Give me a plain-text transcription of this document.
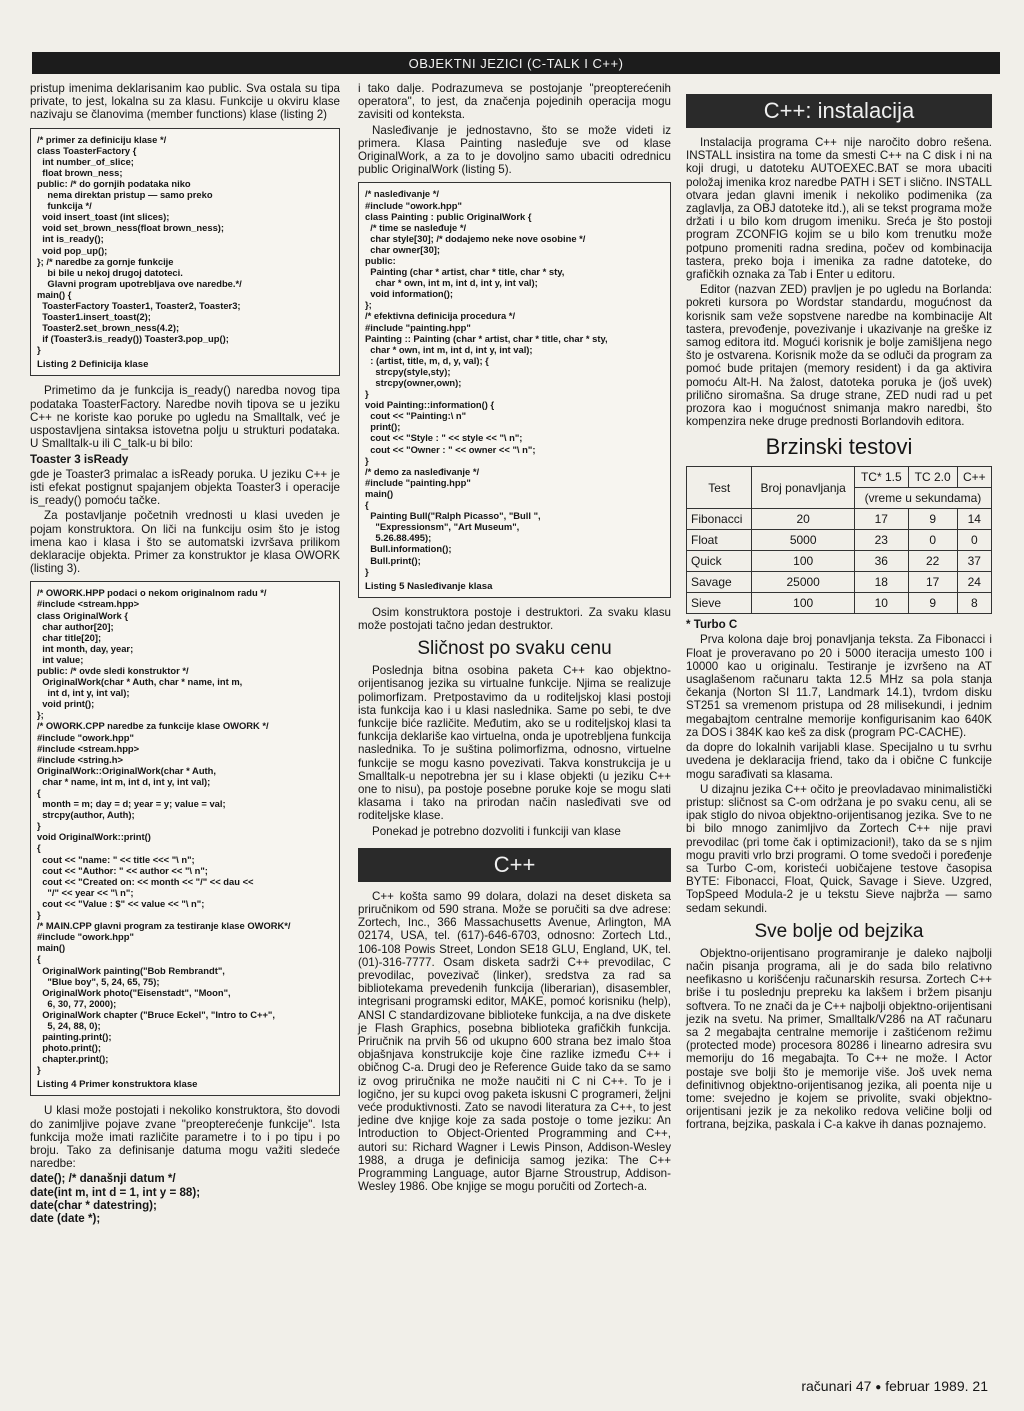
OBJEKTNI JEZICI (C-TALK I C++)

pristup imenima deklarisanim kao public. Sva ostala su tipa private, to jest, lokalna su za klasu. Funkcije u okviru klase nazivaju se članovima (member functions) klase (listing 2)

/* primer za definiciju klase */
class ToasterFactory {
int number_of_slice;
float brown_ness;
public: /* do gornjih podataka niko
nema direktan pristup — samo preko
funkcija */
void insert_toast (int slices);
void set_brown_ness(float brown_ness);
int is_ready();
void pop_up();
}; /* naredbe za gornje funkcije
bi bile u nekoj drugoj datoteci.
Glavni program upotrebljava ove naredbe.*/
main() {
ToasterFactory Toaster1, Toaster2, Toaster3;
Toaster1.insert_toast(2);
Toaster2.set_brown_ness(4.2);
if (Toaster3.is_ready()) Toaster3.pop_up();
}
Listing 2 Definicija klase

Primetimo da je funkcija is_ready() naredba novog tipa podataka ToasterFactory. Naredbe novih tipova se u jeziku C++ ne koriste kao poruke po ugledu na Smalltalk, već je uspostavljena sintaksa istovetna polju u strukturi podataka. U Smalltalk-u ili C_talk-u bi bilo:

Toaster 3 isReady

gde je Toaster3 primalac a isReady poruka. U jeziku C++ je isti efekat postignut spajanjem objekta Toaster3 i operacije is_ready() pomoću tačke.

Za postavljanje početnih vrednosti u klasi uveden je pojam konstruktora. On liči na funkciju osim što je istog imena kao i klasa i što se automatski izvršava prilikom deklaracije objekta. Primer za konstruktor je klasa OWORK (listing 3).

/* OWORK.HPP podaci o nekom originalnom radu */
#include <stream.hpp>
class OriginalWork {
char author[20];
char title[20];
int month, day, year;
int value;
public: /* ovde sledi konstruktor */
OriginalWork(char * Auth, char * name, int m,
int d, int y, int val);
void print();
};
/* OWORK.CPP naredbe za funkcije klase OWORK */
#include "owork.hpp"
#include <stream.hpp>
#include <string.h>
OriginalWork::OriginalWork(char * Auth,
char * name, int m, int d, int y, int val);
{
month = m; day = d; year = y; value = val;
strcpy(author, Auth);
}
void OriginalWork::print()
{
cout << "name: " << title <<< "\ n";
cout << "Author: " << author << "\ n";
cout << "Created on: << month << "/" << dau <<
"/" << year << "\ n";
cout << "Value : $" << value << "\ n";
}
/* MAIN.CPP glavni program za testiranje klase OWORK*/
#include "owork.hpp"
main()
{
OriginalWork painting("Bob Rembrandt",
"Blue boy", 5, 24, 65, 75);
OriginalWork photo("Eisenstadt", "Moon",
6, 30, 77, 2000);
OriginalWork chapter ("Bruce Eckel", "Intro to C++",
5, 24, 88, 0);
painting.print();
photo.print();
chapter.print();
}
Listing 4 Primer konstruktora klase

U klasi može postojati i nekoliko konstruktora, što dovodi do zanimljive pojave zvane "preopterećenje funkcije". Ista funkcija može imati različite parametre i to i po tipu i po broju. Tako za definisanje datuma mogu važiti sledeće naredbe:

date(); /* današnji datum */
date(int m, int d = 1, int y = 88);
date(char * datestring);
date (date *);

i tako dalje. Podrazumeva se postojanje "preopterećenih operatora", to jest, da značenja pojedinih operacija mogu zavisiti od konteksta.

Nasleđivanje je jednostavno, što se može videti iz primera. Klasa Painting nasleđuje sve od klase OriginalWork, a za to je dovoljno samo ubaciti odrednicu public OriginalWork (listing 5).

/* nasleđivanje */
#include "owork.hpp"
class Painting : public OriginalWork {
/* time se nasleđuje */
char style[30]; /* dodajemo neke nove osobine */
char owner[30];
public:
Painting (char * artist, char * title, char * sty,
char * own, int m, int d, int y, int val);
void information();
};
/* efektivna definicija procedura */
#include "painting.hpp"
Painting :: Painting (char * artist, char * title, char * sty,
char * own, int m, int d, int y, int val);
: (artist, title, m, d, y, val); {
strcpy(style,sty);
strcpy(owner,own);
}
void Painting::information() {
cout << "Painting:\ n"
print();
cout << "Style : " << style << "\ n";
cout << "Owner : " << owner << "\ n";
}
/* demo za nasleđivanje */
#include "painting.hpp"
main()
{
Painting Bull("Ralph Picasso", "Bull ",
"Expressionsm", "Art Museum",
5.26.88.495);
Bull.information();
Bull.print();
}
Listing 5 Nasleđivanje klasa

Osim konstruktora postoje i destruktori. Za svaku klasu može postojati tačno jedan destruktor.

Sličnost po svaku cenu

Poslednja bitna osobina paketa C++ kao objektno-orijentisanog jezika su virtualne funkcije. Njima se realizuje polimorfizam. Pretpostavimo da u roditeljskoj klasi postoji ista funkcija kao i u klasi naslednika. Same po sebi, te dve funkcije biće različite. Međutim, ako se u roditeljskoj klasi ta funkcija deklariše kao virtuelna, onda je upotrebljena funkcija naslednika. To je suština polimorfizma, odnosno, virtuelne funkcije se mogu kasno povezivati. Takva konstrukcija je u Smalltalk-u nepotrebna jer su i klase objekti (u jeziku C++ one to nisu), pa postoje posebne poruke koje se mogu slati klasama i tako na prirodan način nasleđivati sve od roditeljske klase.

Ponekad je potrebno dozvoliti i funkciji van klase

C++

C++ košta samo 99 dolara, dolazi na deset disketa sa priručnikom od 590 strana. Može se poručiti sa dve adrese: Zortech, Inc., 366 Massachusetts Avenue, Arlington, MA 02174, USA, tel. (617)-646-6703, odnosno: Zortech Ltd., 106-108 Powis Street, London SE18 GLU, England, UK, tel. (01)-316-7777. Osam disketa sadrži C++ prevodilac, C prevodilac, povezivač (linker), sredstva za rad sa bibliotekama prevedenih funkcija (liberarian), disasembler, integrisani programski editor, MAKE, pomoć korisniku (help), ANSI C standardizovane biblioteke funkcija, a na dve diskete je Flash Graphics, posebna biblioteka grafičkih funkcija. Priručnik na prvih 56 od ukupno 600 strana bez imalo štoa objašnjava konstrukcije koje čine razlike između C++ i običnog C-a. Drugi deo je Reference Guide tako da se samo iz ovog priručnika ne može naučiti ni C ni C++. To je i logično, jer su kupci ovog paketa iskusni C programeri, željni veće produktivnosti. Zato se navodi literatura za C++, to jest jedine dve knjige koje za sada postoje o tome jeziku: An Introduction to Object-Oriented Programming and C++, autori su: Richard Wagner i Lewis Pinson, Addison-Wesley 1988, a druga je definicija samog jezika: The C++ Programming Language, autor Bjarne Stroustrup, Addison-Wesley 1986. Obe knjige se mogu poručiti od Zortech-a.

C++: instalacija

Instalacija programa C++ nije naročito dobro rešena. INSTALL insistira na tome da smesti C++ na C disk i ni na koji drugi, u datoteku AUTOEXEC.BAT se mora ubaciti položaj imenika kroz naredbe PATH i SET i slično. INSTALL otvara jedan glavni imenik i nekoliko podimenika (za zaglavlja, za OBJ datoteke itd.), ali se tekst programa može držati i u bilo kom drugom imeniku. Sreća je što postoji program ZCONFIG kojim se u bilo kom trenutku može potpuno promeniti radna sredina, počev od kombinacija tastera, preko boja i imenika za radne datoteke, do grafičkih oznaka za Tab i Enter u editoru.

Editor (nazvan ZED) pravljen je po ugledu na Borlanda: pokreti kursora po Wordstar standardu, mogućnost da korisnik sam veže sopstvene naredbe na kombinacije Alt tastera, prevođenje, povezivanje i ukazivanje na greške iz samog editora itd. Mogući korisnik je bolje zamišljena nego što je ostvarena. Korisnik može da se odluči da program za pomoć bude pritajen (memory resident) i da ga aktivira pomoću Alt-H. Na žalost, datoteka poruka je (još uvek) prilično siromašna. Sa druge strane, ZED nudi rad u pet prozora kao i mogućnost snimanja makro naredbi, što kompenzira neke druge prednosti Borlandovih editora.

Brzinski testovi
Test	Broj ponavljanja	TC* 1.5	TC 2.0	C++
		(vreme u sekundama)		
Fibonacci	20	17	9	14
Float	5000	23	0	0
Quick	100	36	22	37
Savage	25000	18	17	24
Sieve	100	10	9	8
* Turbo C

Prva kolona daje broj ponavljanja teksta. Za Fibonacci i Float je proveravano po 20 i 5000 iteracija umesto 100 i 10000 kao u originalu. Testiranje je izvršeno na AT usaglašenom računaru takta 12.5 MHz sa pola stanja čekanja (Norton SI 11.7, Landmark 14.1), tvrdom disku ST251 sa vremenom pristupa od 28 milisekundi, i jednim megabajtom centralne memorije konfigurisanim kao 640K za DOS i 384K kao keš za disk (program PC-CACHE).

da dopre do lokalnih varijabli klase. Specijalno u tu svrhu uvedena je deklaracija friend, tako da i obične C funkcije mogu sarađivati sa klasama.

U dizajnu jezika C++ očito je preovladavao minimalistički pristup: sličnost sa C-om održana je po svaku cenu, ali se ipak stiglo do nivoa objektno-orijentisanog jezika. Sve to ne bi bilo mnogo zanimljivo da Zortech C++ nije pravi prevodilac (pri tome čak i optimizacioni!), tako da se s njim mogu praviti vrlo brzi programi. O tome svedoči i poređenje sa Turbo C-om, koristeći uobičajene testove časopisa BYTE: Fibonacci, Float, Quick, Savage i Sieve. Uzgred, TopSpeed Modula-2 je u tekstu Sieve najbrža — samo sedam sekundi.

Sve bolje od bejzika

Objektno-orijentisano programiranje je daleko najbolji način pisanja programa, ali je do sada bilo relativno neefikasno u korišćenju računarskih resursa. Zortech C++ briše i tu poslednju prepreku ka lakšem i bržem pisanju softvera. To ne znači da je C++ najbolji objektno-orijentisani jezik na svetu. Na primer, Smalltalk/V286 na AT računaru sa 2 megabajta centralne memorije i zaštićenom režimu (protected mode) procesora 80286 i linearno adresira svu memoriju do 16 megabajta. To C++ ne može. I Actor postaje sve bolji što je memorije više. Još uvek nema definitivnog objektno-orijentisanog jezika, ali poenta nije u tome: svejedno je kojem se privolite, svaki objektno-orijentisani jezik je za nekoliko redova veličine bolji od fortrana, bejzika, paskala i C-a kakve ih danas poznajemo.

računari 47 ● februar 1989. 21
